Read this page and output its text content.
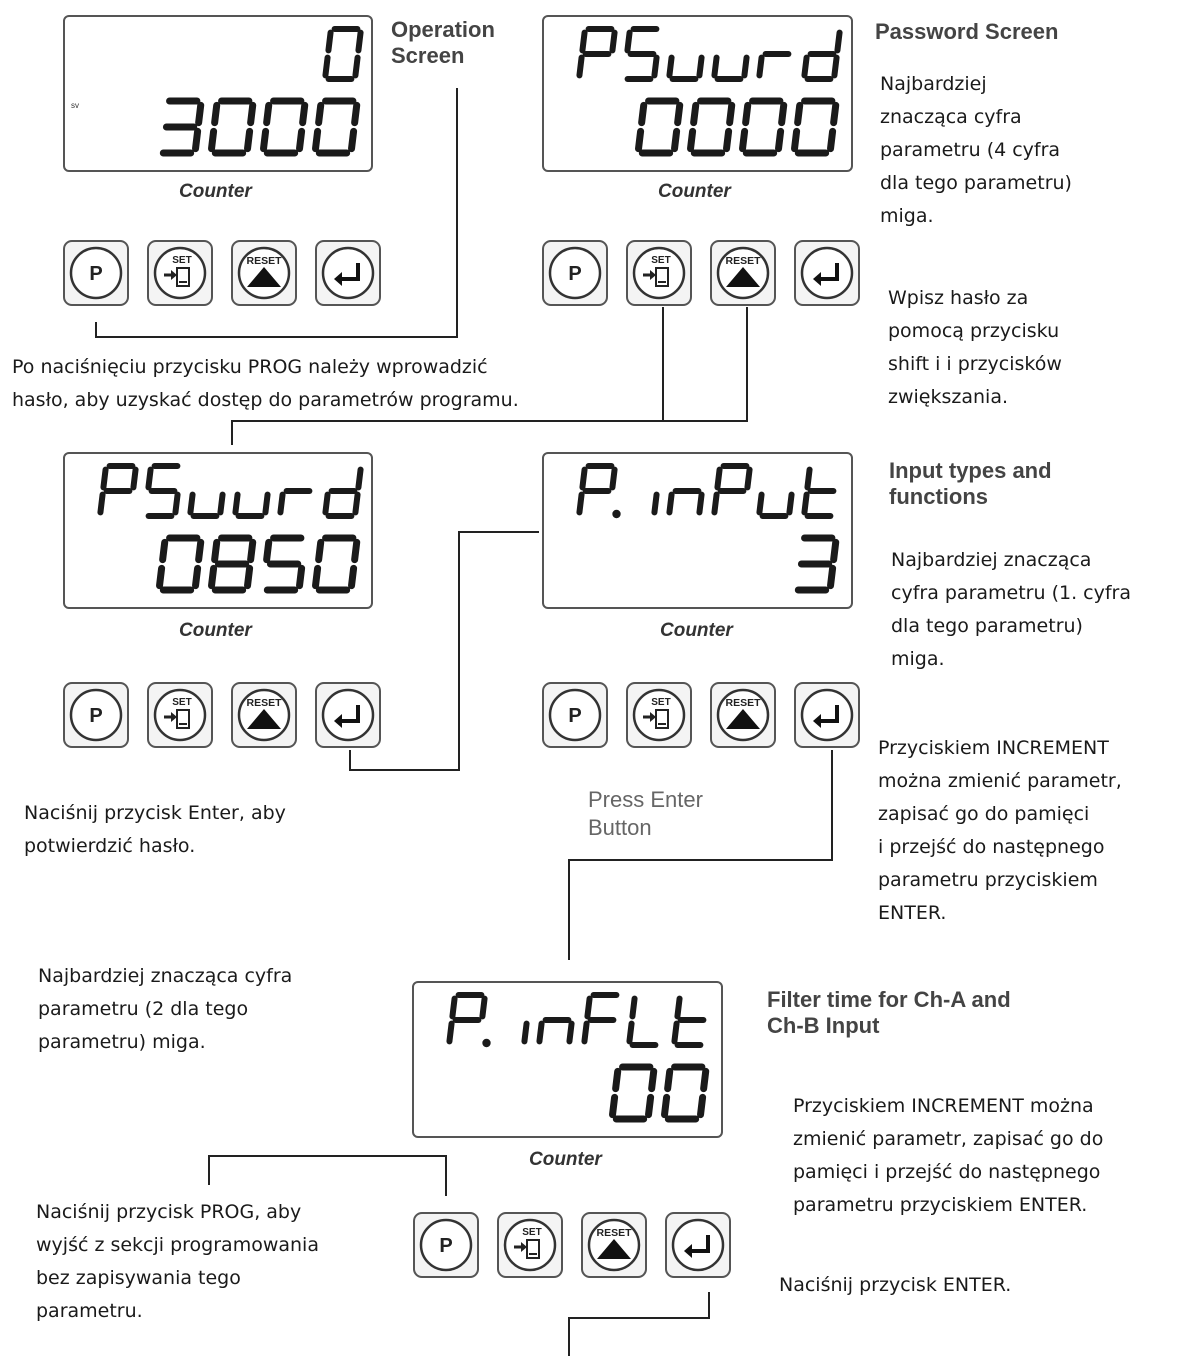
sv
Counter
Operation
Screen
Counter
Password Screen
Najbardziej
znacząca cyfra
parametru (4 cyfra
dla tego parametru)
miga.
Wpisz hasło za
pomocą przycisku
shift i i przycisków
zwiększania.
Po naciśnięciu przycisku PROG należy wprowadzić
hasło, aby uzyskać dostęp do parametrów programu.
Counter
Naciśnij przycisk Enter, aby
potwierdzić hasło.
Counter
Input types and
functions
Najbardziej znacząca
cyfra parametru (1. cyfra
dla tego parametru)
miga.
Przyciskiem INCREMENT
można zmienić parametr,
zapisać go do pamięci
i przejść do następnego
parametru przyciskiem
ENTER.
Press Enter
Button
Counter
Filter time for Ch-A and
Ch-B Input
Najbardziej znacząca cyfra
parametru (2 dla tego
parametru) miga.
Przyciskiem INCREMENT można
zmienić parametr, zapisać go do
pamięci i przejść do następnego
parametru przyciskiem ENTER.
Naciśnij przycisk PROG, aby
wyjść z sekcji programowania
bez zapisywania tego
parametru.
Naciśnij przycisk ENTER.
P
SET	RESET
P
SET	RESET
P
SET	RESET
P
SET	RESET
P
SET	RESET
